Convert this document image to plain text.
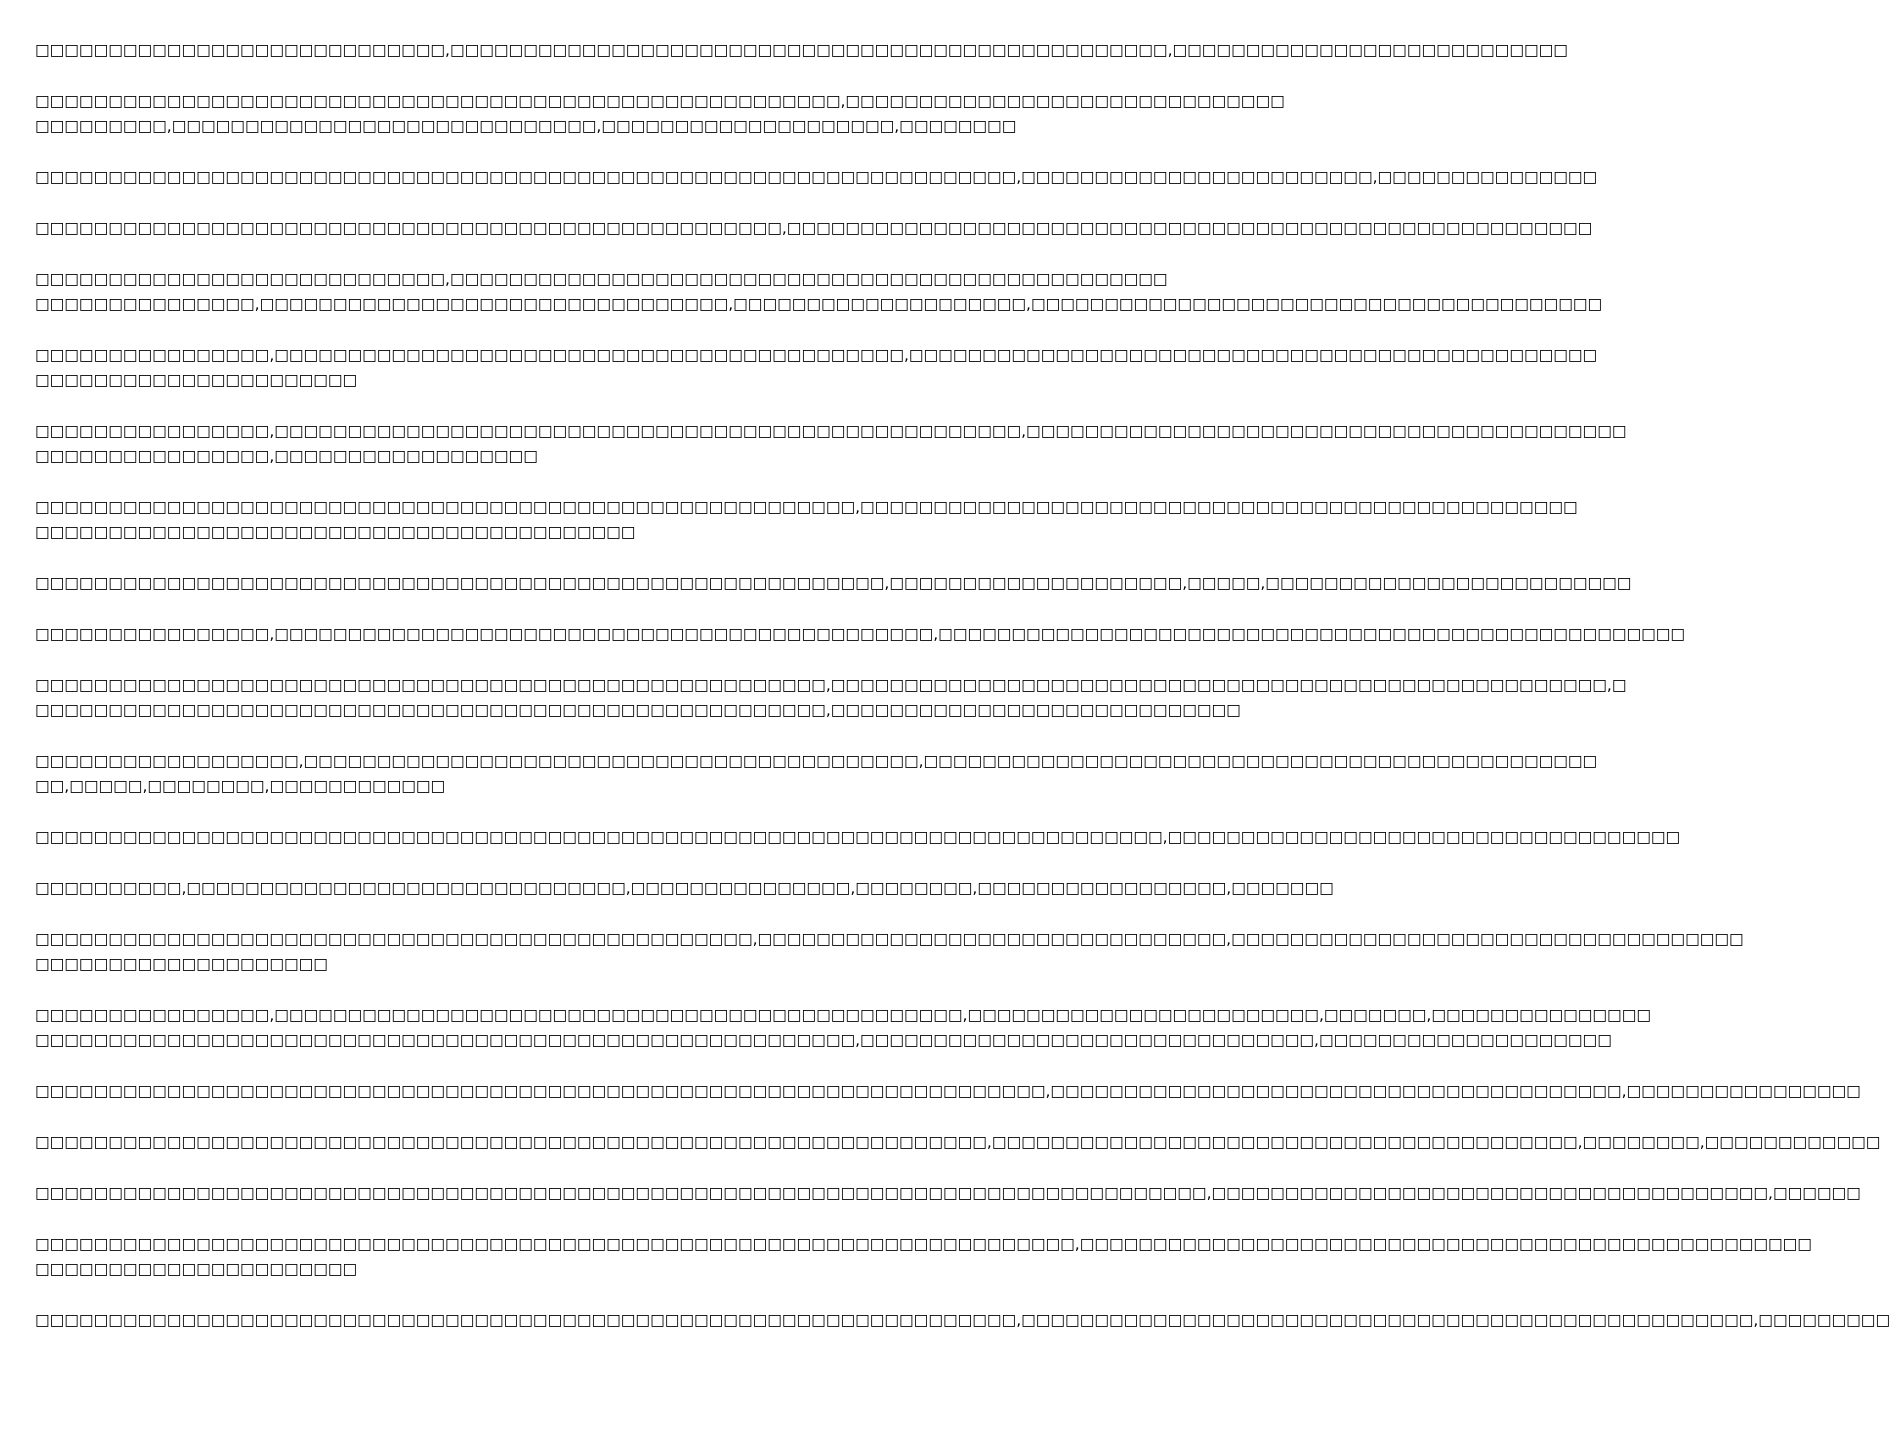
□□□□□□□□□□□□□□□□□□□□□□□□□□□□,□□□□□□□□□□□□□□□□□□□□□□□□□□□□□□□□□□□□□□□□□□□□□□□□□,□□□□□□□□□□□□□□□□□□□□□□□□□□□

□□□□□□□□□□□□□□□□□□□□□□□□□□□□□□□□□□□□□□□□□□□□□□□□□□□□□□□,□□□□□□□□□□□□□□□□□□□□□□□□□□□□□□
□□□□□□□□□,□□□□□□□□□□□□□□□□□□□□□□□□□□□□□,□□□□□□□□□□□□□□□□□□□□,□□□□□□□□

□□□□□□□□□□□□□□□□□□□□□□□□□□□□□□□□□□□□□□□□□□□□□□□□□□□□□□□□□□□□□□□□□□□,□□□□□□□□□□□□□□□□□□□□□□□□,□□□□□□□□□□□□□□□

□□□□□□□□□□□□□□□□□□□□□□□□□□□□□□□□□□□□□□□□□□□□□□□□□□□,□□□□□□□□□□□□□□□□□□□□□□□□□□□□□□□□□□□□□□□□□□□□□□□□□□□□□□□

□□□□□□□□□□□□□□□□□□□□□□□□□□□□,□□□□□□□□□□□□□□□□□□□□□□□□□□□□□□□□□□□□□□□□□□□□□□□□□
□□□□□□□□□□□□□□□,□□□□□□□□□□□□□□□□□□□□□□□□□□□□□□□□,□□□□□□□□□□□□□□□□□□□□,□□□□□□□□□□□□□□□□□□□□□□□□□□□□□□□□□□□□□□□

□□□□□□□□□□□□□□□□,□□□□□□□□□□□□□□□□□□□□□□□□□□□□□□□□□□□□□□□□□□□,□□□□□□□□□□□□□□□□□□□□□□□□□□□□□□□□□□□□□□□□□□□□□□□
□□□□□□□□□□□□□□□□□□□□□□

□□□□□□□□□□□□□□□□,□□□□□□□□□□□□□□□□□□□□□□□□□□□□□□□□□□□□□□□□□□□□□□□□□□□,□□□□□□□□□□□□□□□□□□□□□□□□□□□□□□□□□□□□□□□□□
□□□□□□□□□□□□□□□□,□□□□□□□□□□□□□□□□□□

□□□□□□□□□□□□□□□□□□□□□□□□□□□□□□□□□□□□□□□□□□□□□□□□□□□□□□□□,□□□□□□□□□□□□□□□□□□□□□□□□□□□□□□□□□□□□□□□□□□□□□□□□□
□□□□□□□□□□□□□□□□□□□□□□□□□□□□□□□□□□□□□□□□□

□□□□□□□□□□□□□□□□□□□□□□□□□□□□□□□□□□□□□□□□□□□□□□□□□□□□□□□□□□,□□□□□□□□□□□□□□□□□□□□,□□□□□,□□□□□□□□□□□□□□□□□□□□□□□□□

□□□□□□□□□□□□□□□□,□□□□□□□□□□□□□□□□□□□□□□□□□□□□□□□□□□□□□□□□□□□□□,□□□□□□□□□□□□□□□□□□□□□□□□□□□□□□□□□□□□□□□□□□□□□□□□□□□

□□□□□□□□□□□□□□□□□□□□□□□□□□□□□□□□□□□□□□□□□□□□□□□□□□□□□□,□□□□□□□□□□□□□□□□□□□□□□□□□□□□□□□□□□□□□□□□□□□□□□□□□□□□□,□
□□□□□□□□□□□□□□□□□□□□□□□□□□□□□□□□□□□□□□□□□□□□□□□□□□□□□□,□□□□□□□□□□□□□□□□□□□□□□□□□□□□

□□□□□□□□□□□□□□□□□□,□□□□□□□□□□□□□□□□□□□□□□□□□□□□□□□□□□□□□□□□□□,□□□□□□□□□□□□□□□□□□□□□□□□□□□□□□□□□□□□□□□□□□□□□□
□□,□□□□□,□□□□□□□□,□□□□□□□□□□□□

□□□□□□□□□□□□□□□□□□□□□□□□□□□□□□□□□□□□□□□□□□□□□□□□□□□□□□□□□□□□□□□□□□□□□□□□□□□□□,□□□□□□□□□□□□□□□□□□□□□□□□□□□□□□□□□□□

□□□□□□□□□□,□□□□□□□□□□□□□□□□□□□□□□□□□□□□□□,□□□□□□□□□□□□□□□,□□□□□□□□,□□□□□□□□□□□□□□□□□,□□□□□□□

□□□□□□□□□□□□□□□□□□□□□□□□□□□□□□□□□□□□□□□□□□□□□□□□□,□□□□□□□□□□□□□□□□□□□□□□□□□□□□□□□□,□□□□□□□□□□□□□□□□□□□□□□□□□□□□□□□□□□□
□□□□□□□□□□□□□□□□□□□□

□□□□□□□□□□□□□□□□,□□□□□□□□□□□□□□□□□□□□□□□□□□□□□□□□□□□□□□□□□□□□□□□,□□□□□□□□□□□□□□□□□□□□□□□□,□□□□□□□,□□□□□□□□□□□□□□□
□□□□□□□□□□□□□□□□□□□□□□□□□□□□□□□□□□□□□□□□□□□□□□□□□□□□□□□□,□□□□□□□□□□□□□□□□□□□□□□□□□□□□□□□,□□□□□□□□□□□□□□□□□□□□

□□□□□□□□□□□□□□□□□□□□□□□□□□□□□□□□□□□□□□□□□□□□□□□□□□□□□□□□□□□□□□□□□□□□□,□□□□□□□□□□□□□□□□□□□□□□□□□□□□□□□□□□□□□□□,□□□□□□□□□□□□□□□□

□□□□□□□□□□□□□□□□□□□□□□□□□□□□□□□□□□□□□□□□□□□□□□□□□□□□□□□□□□□□□□□□□,□□□□□□□□□□□□□□□□□□□□□□□□□□□□□□□□□□□□□□□□,□□□□□□□□,□□□□□□□□□□□□

□□□□□□□□□□□□□□□□□□□□□□□□□□□□□□□□□□□□□□□□□□□□□□□□□□□□□□□□□□□□□□□□□□□□□□□□□□□□□□□□,□□□□□□□□□□□□□□□□□□□□□□□□□□□□□□□□□□□□□□,□□□□□□

□□□□□□□□□□□□□□□□□□□□□□□□□□□□□□□□□□□□□□□□□□□□□□□□□□□□□□□□□□□□□□□□□□□□□□□,□□□□□□□□□□□□□□□□□□□□□□□□□□□□□□□□□□□□□□□□□□□□□□□□□□
□□□□□□□□□□□□□□□□□□□□□□

□□□□□□□□□□□□□□□□□□□□□□□□□□□□□□□□□□□□□□□□□□□□□□□□□□□□□□□□□□□□□□□□□□□,□□□□□□□□□□□□□□□□□□□□□□□□□□□□□□□□□□□□□□□□□□□□□□□□□□,□□□□□□□□□
